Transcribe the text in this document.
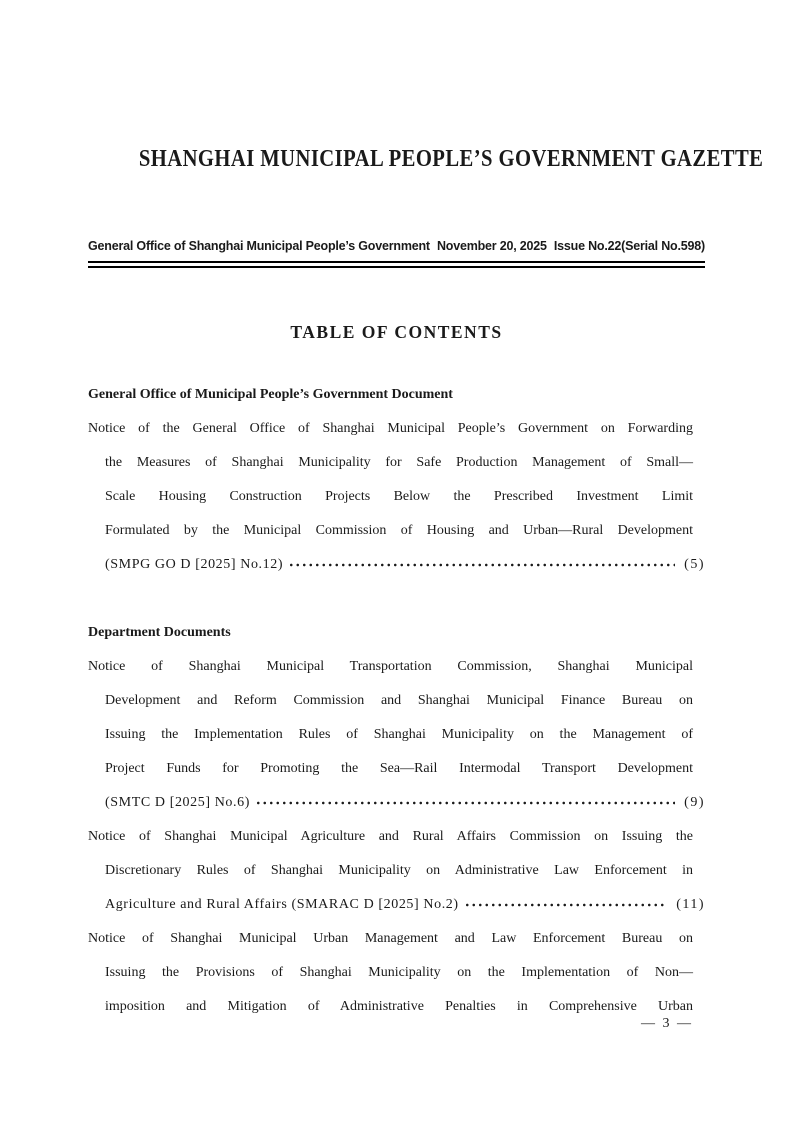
SHANGHAI MUNICIPAL PEOPLE’S GOVERNMENT GAZETTE
General Office of Shanghai Municipal People’s Government November 20, 2025 Issue No.22(Serial No.598)
TABLE OF CONTENTS
General Office of Municipal People’s Government Document
Notice of the General Office of Shanghai Municipal People’s Government on Forwarding
the Measures of Shanghai Municipality for Safe Production Management of Small—
Scale Housing Construction Projects Below the Prescribed Investment Limit
Formulated by the Municipal Commission of Housing and Urban—Rural Development
(SMPG GO D [2025] No.12)	(5)
Department Documents
Notice of Shanghai Municipal Transportation Commission, Shanghai Municipal
Development and Reform Commission and Shanghai Municipal Finance Bureau on
Issuing the Implementation Rules of Shanghai Municipality on the Management of
Project Funds for Promoting the Sea—Rail Intermodal Transport Development
(SMTC D [2025] No.6)	(9)
Notice of Shanghai Municipal Agriculture and Rural Affairs Commission on Issuing the
Discretionary Rules of Shanghai Municipality on Administrative Law Enforcement in
Agriculture and Rural Affairs (SMARAC D [2025] No.2)	(11)
Notice of Shanghai Municipal Urban Management and Law Enforcement Bureau on
Issuing the Provisions of Shanghai Municipality on the Implementation of Non—
imposition and Mitigation of Administrative Penalties in Comprehensive Urban
— 3 —
